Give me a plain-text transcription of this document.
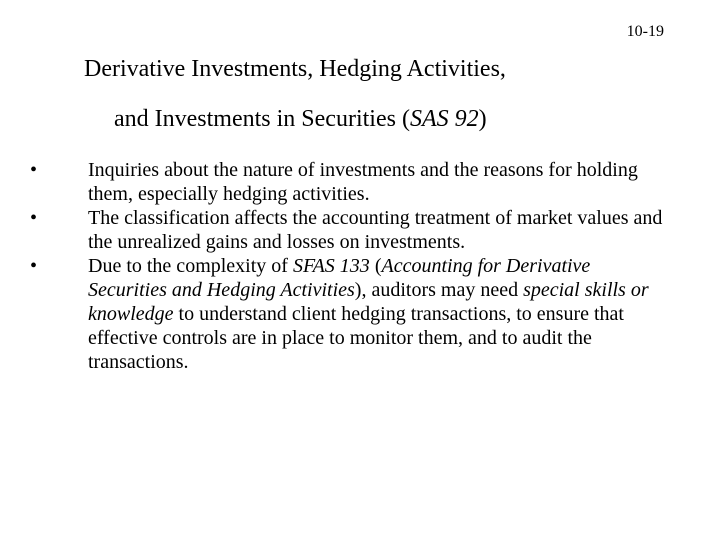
10-19
Derivative Investments, Hedging Activities,
and Investments in Securities (SAS 92)
•	Inquiries about the nature of investments and the reasons for holding them, especially hedging activities.
•	The classification affects the accounting treatment of market values and the unrealized gains and losses on investments.
•	Due to the complexity of SFAS 133 (Accounting for Derivative Securities and Hedging Activities), auditors may need special skills or knowledge to understand client hedging transactions, to ensure that effective controls are in place to monitor them, and to audit the transactions.
